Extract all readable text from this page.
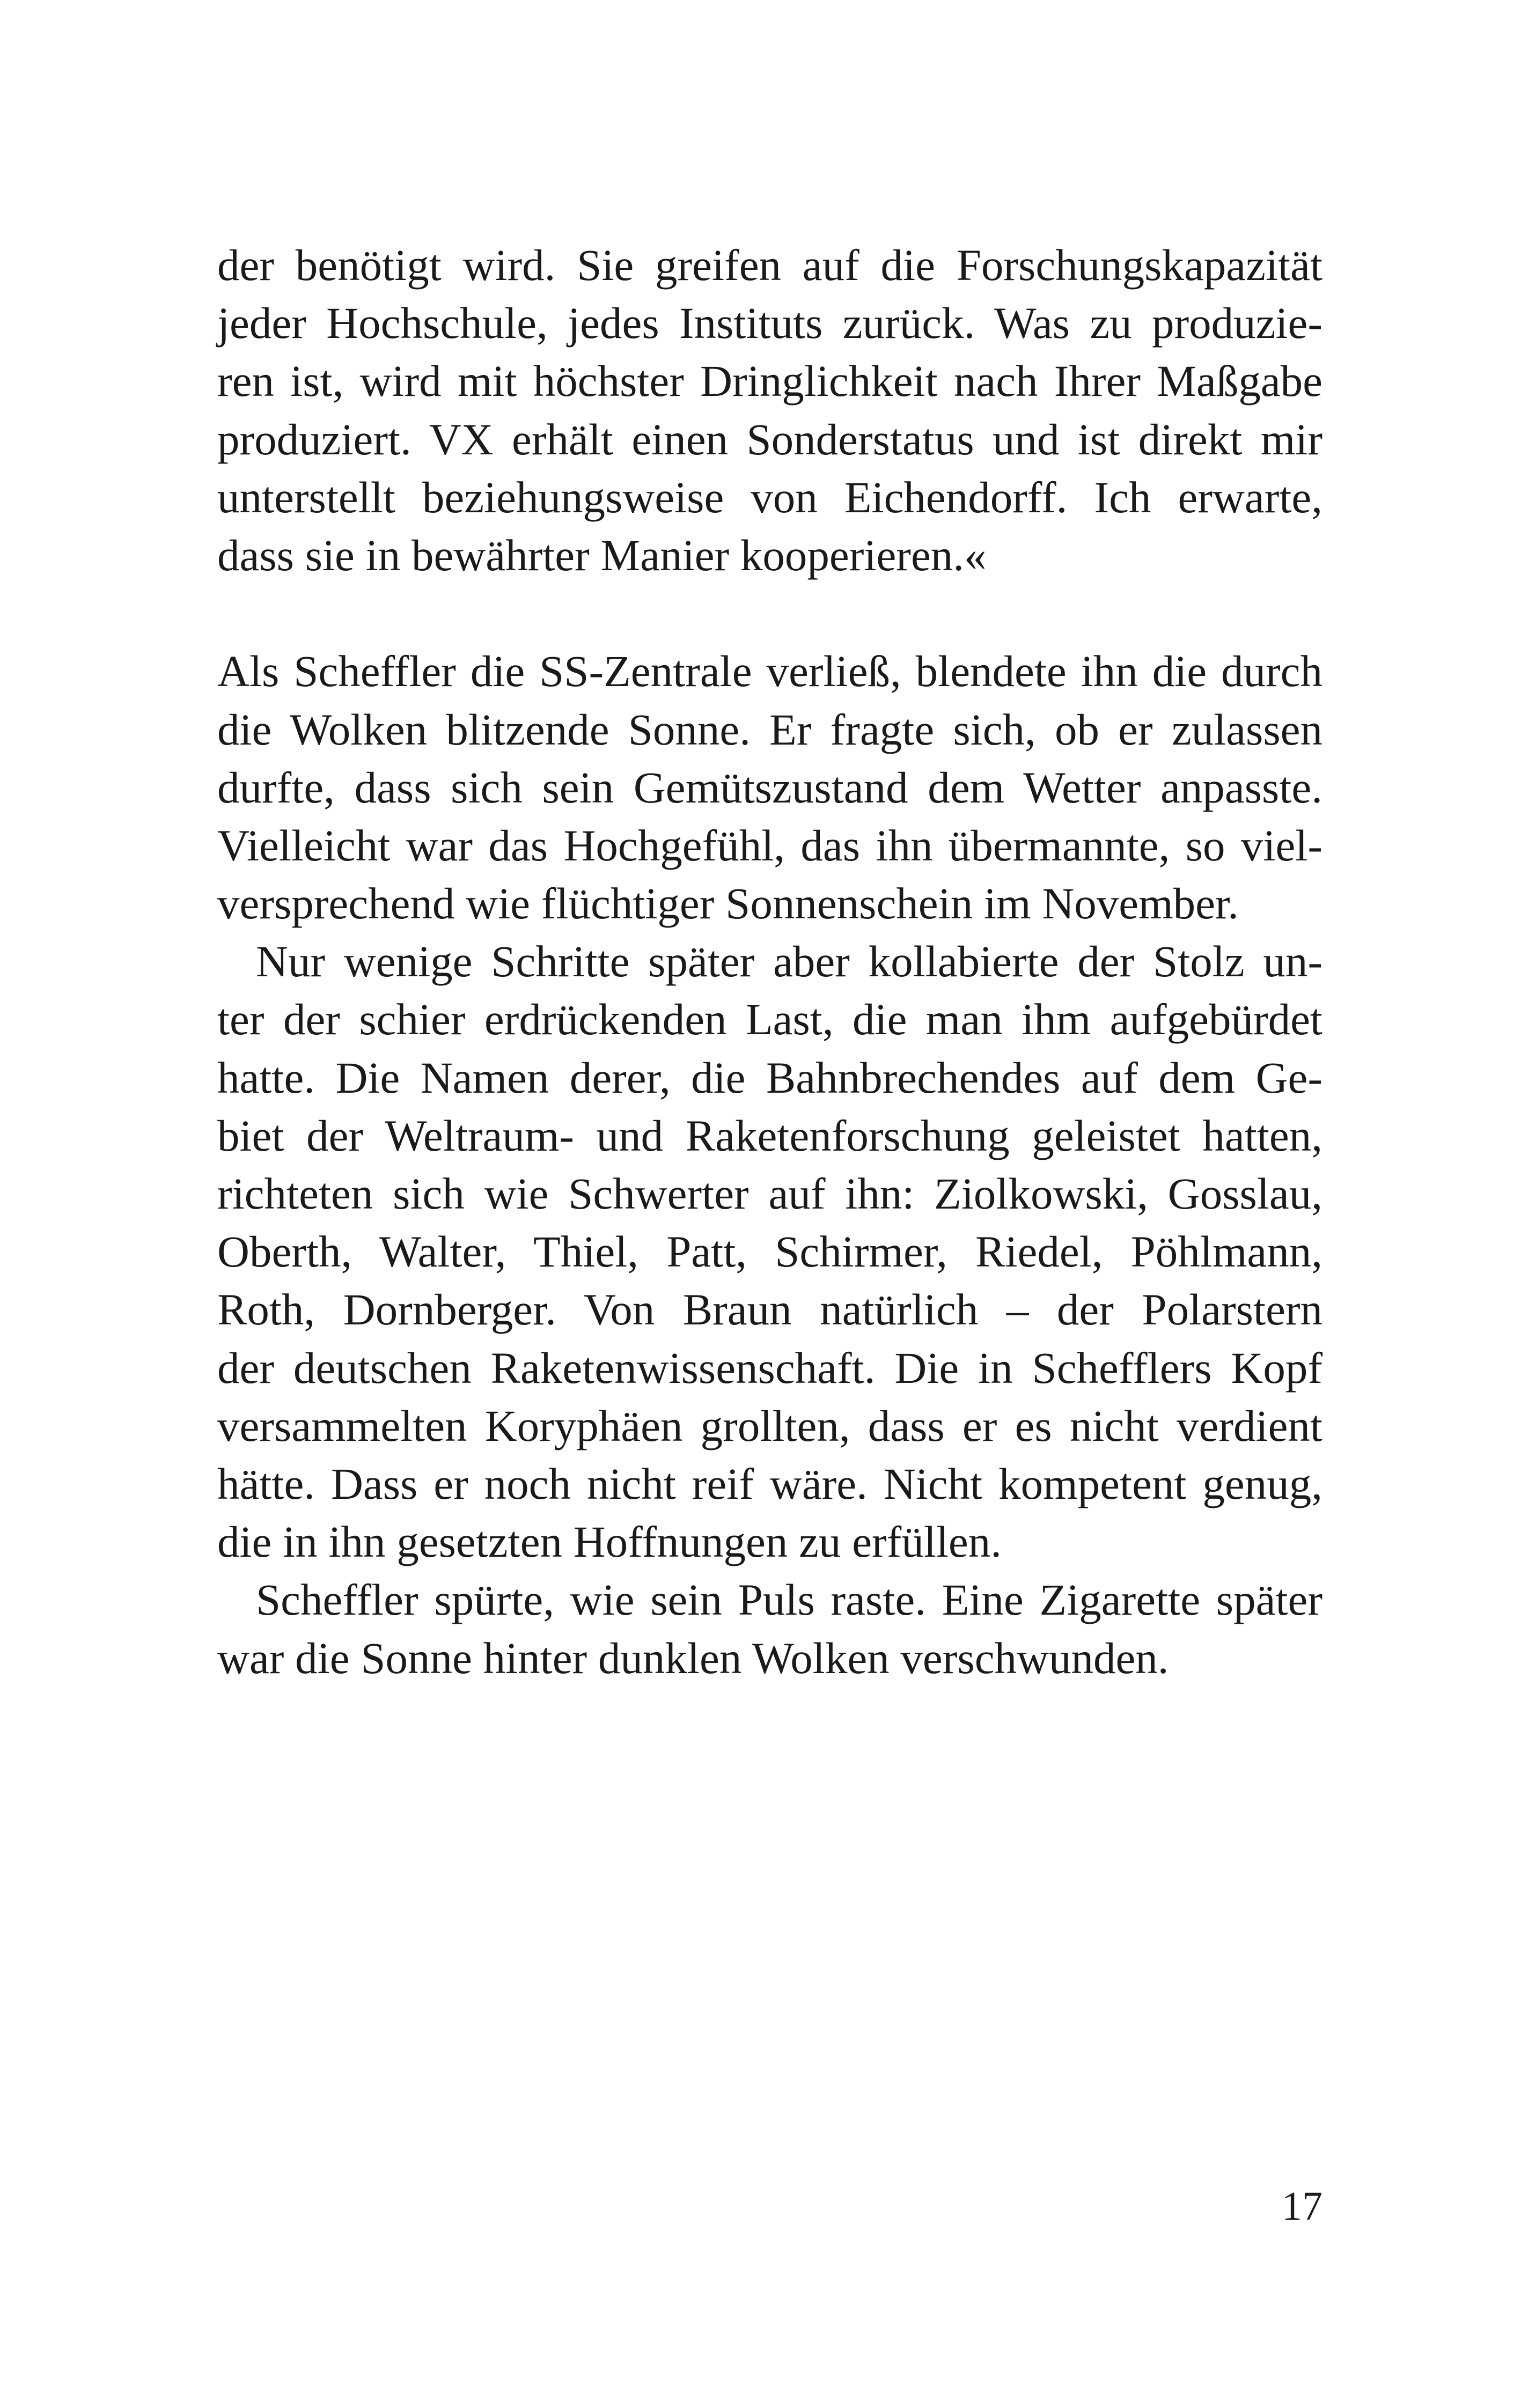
der benötigt wird. Sie greifen auf die Forschungskapazität
jeder Hochschule, jedes Instituts zurück. Was zu produzie-
ren ist, wird mit höchster Dringlichkeit nach Ihrer Maßgabe
produziert. VX erhält einen Sonderstatus und ist direkt mir
unterstellt beziehungsweise von Eichendorff. Ich erwarte,
dass sie in bewährter Manier kooperieren.«
Als Scheffler die SS-Zentrale verließ, blendete ihn die durch
die Wolken blitzende Sonne. Er fragte sich, ob er zulassen
durfte, dass sich sein Gemütszustand dem Wetter anpasste.
Vielleicht war das Hochgefühl, das ihn übermannte, so viel-
versprechend wie flüchtiger Sonnenschein im November.
Nur wenige Schritte später aber kollabierte der Stolz un-
ter der schier erdrückenden Last, die man ihm aufgebürdet
hatte. Die Namen derer, die Bahnbrechendes auf dem Ge-
biet der Weltraum- und Raketenforschung geleistet hatten,
richteten sich wie Schwerter auf ihn: Ziolkowski, Gosslau,
Oberth, Walter, Thiel, Patt, Schirmer, Riedel, Pöhlmann,
Roth, Dornberger. Von Braun natürlich – der Polarstern
der deutschen Raketenwissenschaft. Die in Schefflers Kopf
versammelten Koryphäen grollten, dass er es nicht verdient
hätte. Dass er noch nicht reif wäre. Nicht kompetent genug,
die in ihn gesetzten Hoffnungen zu erfüllen.
Scheffler spürte, wie sein Puls raste. Eine Zigarette später
war die Sonne hinter dunklen Wolken verschwunden.
17
